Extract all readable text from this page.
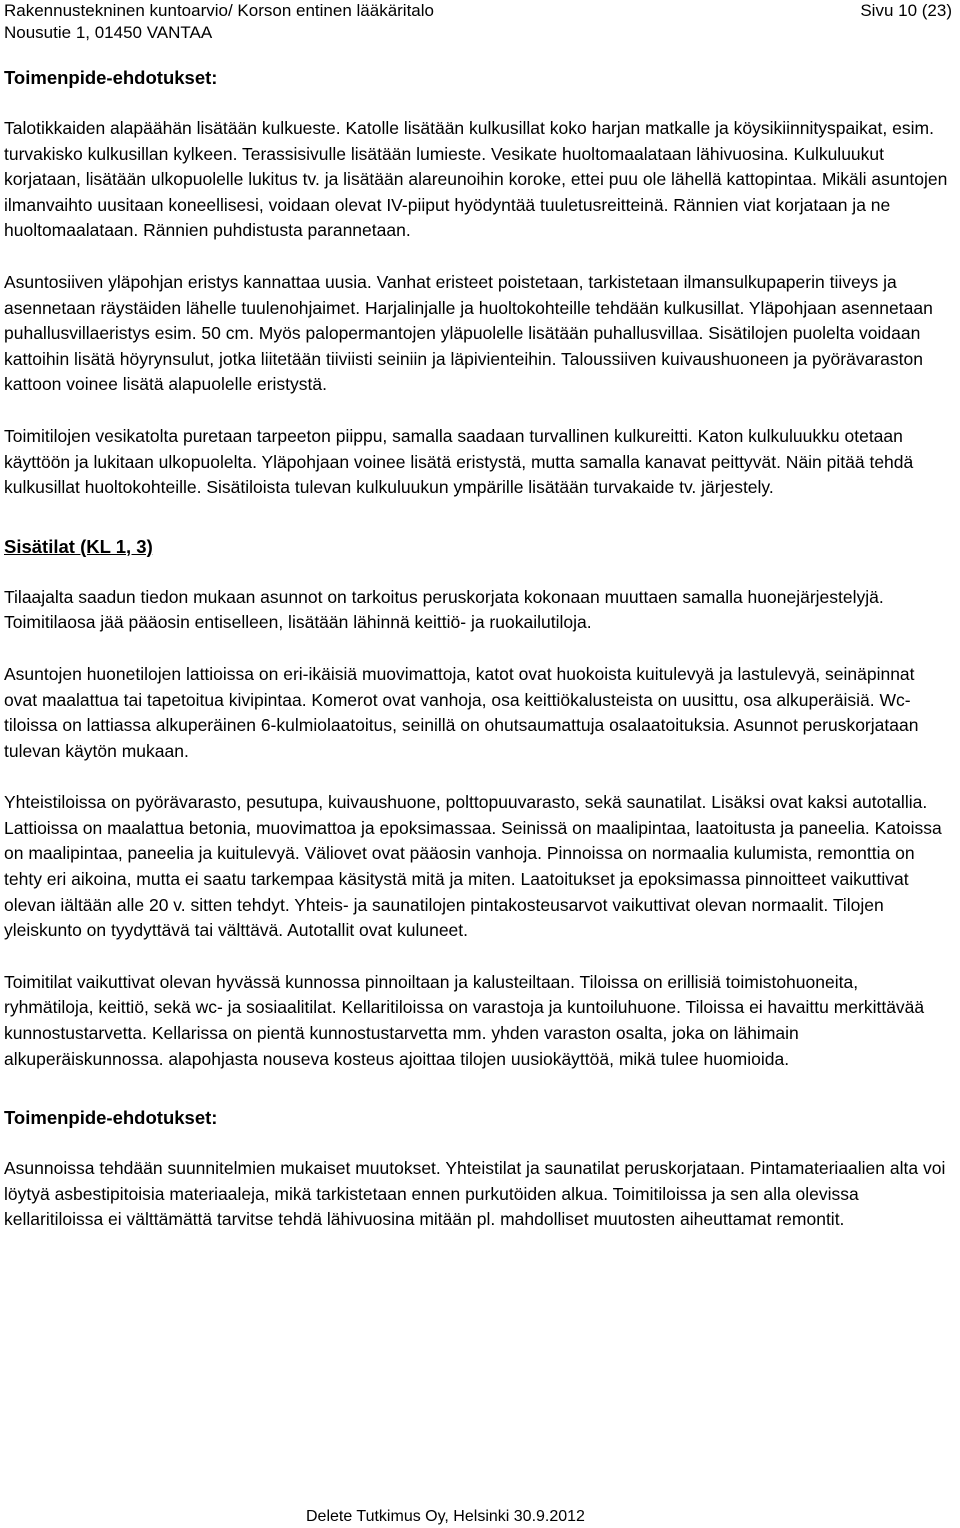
Rakennustekninen kuntoarvio/ Korson entinen lääkäritalo
Nousutie 1, 01450 VANTAA
Sivu 10 (23)
Toimenpide-ehdotukset:

Talotikkaiden alapäähän lisätään kulkueste. Katolle lisätään kulkusillat koko harjan matkalle ja köysikiinnityspaikat, esim. turvakisko kulkusillan kylkeen. Terassisivulle lisätään lumieste. Vesikate huoltomaalataan lähivuosina. Kulkuluukut korjataan, lisätään ulkopuolelle lukitus tv. ja lisätään alareunoihin koroke, ettei puu ole lähellä kattopintaa. Mikäli asuntojen ilmanvaihto uusitaan koneellisesi, voidaan olevat IV-piiput hyödyntää tuuletusreitteinä. Rännien viat korjataan ja ne huoltomaalataan. Rännien puhdistusta parannetaan.

Asuntosiiven yläpohjan eristys kannattaa uusia. Vanhat eristeet poistetaan, tarkistetaan ilmansulkupaperin tiiveys ja asennetaan räystäiden lähelle tuulenohjaimet. Harjalinjalle ja huoltokohteille tehdään kulkusillat. Yläpohjaan asennetaan puhallusvillaeristys esim. 50 cm. Myös palopermantojen yläpuolelle lisätään puhallusvillaa. Sisätilojen puolelta voidaan kattoihin lisätä höyrynsulut, jotka liitetään tiiviisti seiniin ja läpivienteihin. Taloussiiven kuivaushuoneen ja pyörävaraston kattoon voinee lisätä alapuolelle eristystä.

Toimitilojen vesikatolta puretaan tarpeeton piippu, samalla saadaan turvallinen kulkureitti. Katon kulkuluukku otetaan käyttöön ja lukitaan ulkopuolelta. Yläpohjaan voinee lisätä eristystä, mutta samalla kanavat peittyvät. Näin pitää tehdä kulkusillat huoltokohteille. Sisätiloista tulevan kulkuluukun ympärille lisätään turvakaide tv. järjestely.

Sisätilat (KL 1, 3)

Tilaajalta saadun tiedon mukaan asunnot on tarkoitus peruskorjata kokonaan muuttaen samalla huonejärjestelyjä. Toimitilaosa jää pääosin entiselleen, lisätään lähinnä keittiö- ja ruokailutiloja.

Asuntojen huonetilojen lattioissa on eri-ikäisiä muovimattoja, katot ovat huokoista kuitulevyä ja lastulevyä, seinäpinnat ovat maalattua tai tapetoitua kivipintaa. Komerot ovat vanhoja, osa keittiökalusteista on uusittu, osa alkuperäisiä. Wc-tiloissa on lattiassa alkuperäinen 6-kulmiolaatoitus, seinillä on ohutsaumattuja osalaatoituksia. Asunnot peruskorjataan tulevan käytön mukaan.

Yhteistiloissa on pyörävarasto, pesutupa, kuivaushuone, polttopuuvarasto, sekä saunatilat. Lisäksi ovat kaksi autotallia. Lattioissa on maalattua betonia, muovimattoa ja epoksimassaa. Seinissä on maalipintaa, laatoitusta ja paneelia. Katoissa on maalipintaa, paneelia ja kuitulevyä. Väliovet ovat pääosin vanhoja. Pinnoissa on normaalia kulumista, remonttia on tehty eri aikoina, mutta ei saatu tarkempaa käsitystä mitä ja miten. Laatoitukset ja epoksimassa pinnoitteet vaikuttivat olevan iältään alle 20 v. sitten tehdyt. Yhteis- ja saunatilojen pintakosteusarvot vaikuttivat olevan normaalit. Tilojen yleiskunto on tyydyttävä tai välttävä. Autotallit ovat kuluneet.

Toimitilat vaikuttivat olevan hyvässä kunnossa pinnoiltaan ja kalusteiltaan. Tiloissa on erillisiä toimistohuoneita, ryhmätiloja, keittiö, sekä wc- ja sosiaalitilat. Kellaritiloissa on varastoja ja kuntoiluhuone. Tiloissa ei havaittu merkittävää kunnostustarvetta. Kellarissa on pientä kunnostustarvetta mm. yhden varaston osalta, joka on lähimain alkuperäiskunnossa. alapohjasta nouseva kosteus ajoittaa tilojen uusiokäyttöä, mikä tulee huomioida.

Toimenpide-ehdotukset:

Asunnoissa tehdään suunnitelmien mukaiset muutokset. Yhteistilat ja saunatilat peruskorjataan. Pintamateriaalien alta voi löytyä asbestipitoisia materiaaleja, mikä tarkistetaan ennen purkutöiden alkua. Toimitiloissa ja sen alla olevissa kellaritiloissa ei välttämättä tarvitse tehdä lähivuosina mitään pl. mahdolliset muutosten aiheuttamat remontit.

Delete Tutkimus Oy, Helsinki 30.9.2012
